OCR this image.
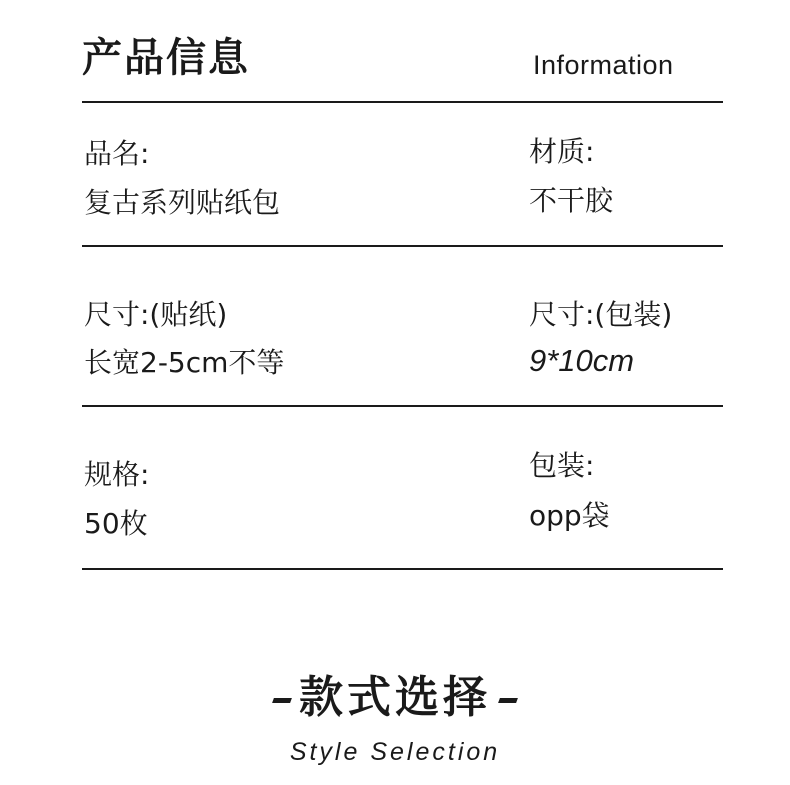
产品信息	Information
品名:
复古系列贴纸包
材质:
不干胶
尺寸:(贴纸)
长宽2-5cm不等
尺寸:(包装)
9*10cm
规格:
50枚
包装:
opp袋
款式选择
Style Selection
